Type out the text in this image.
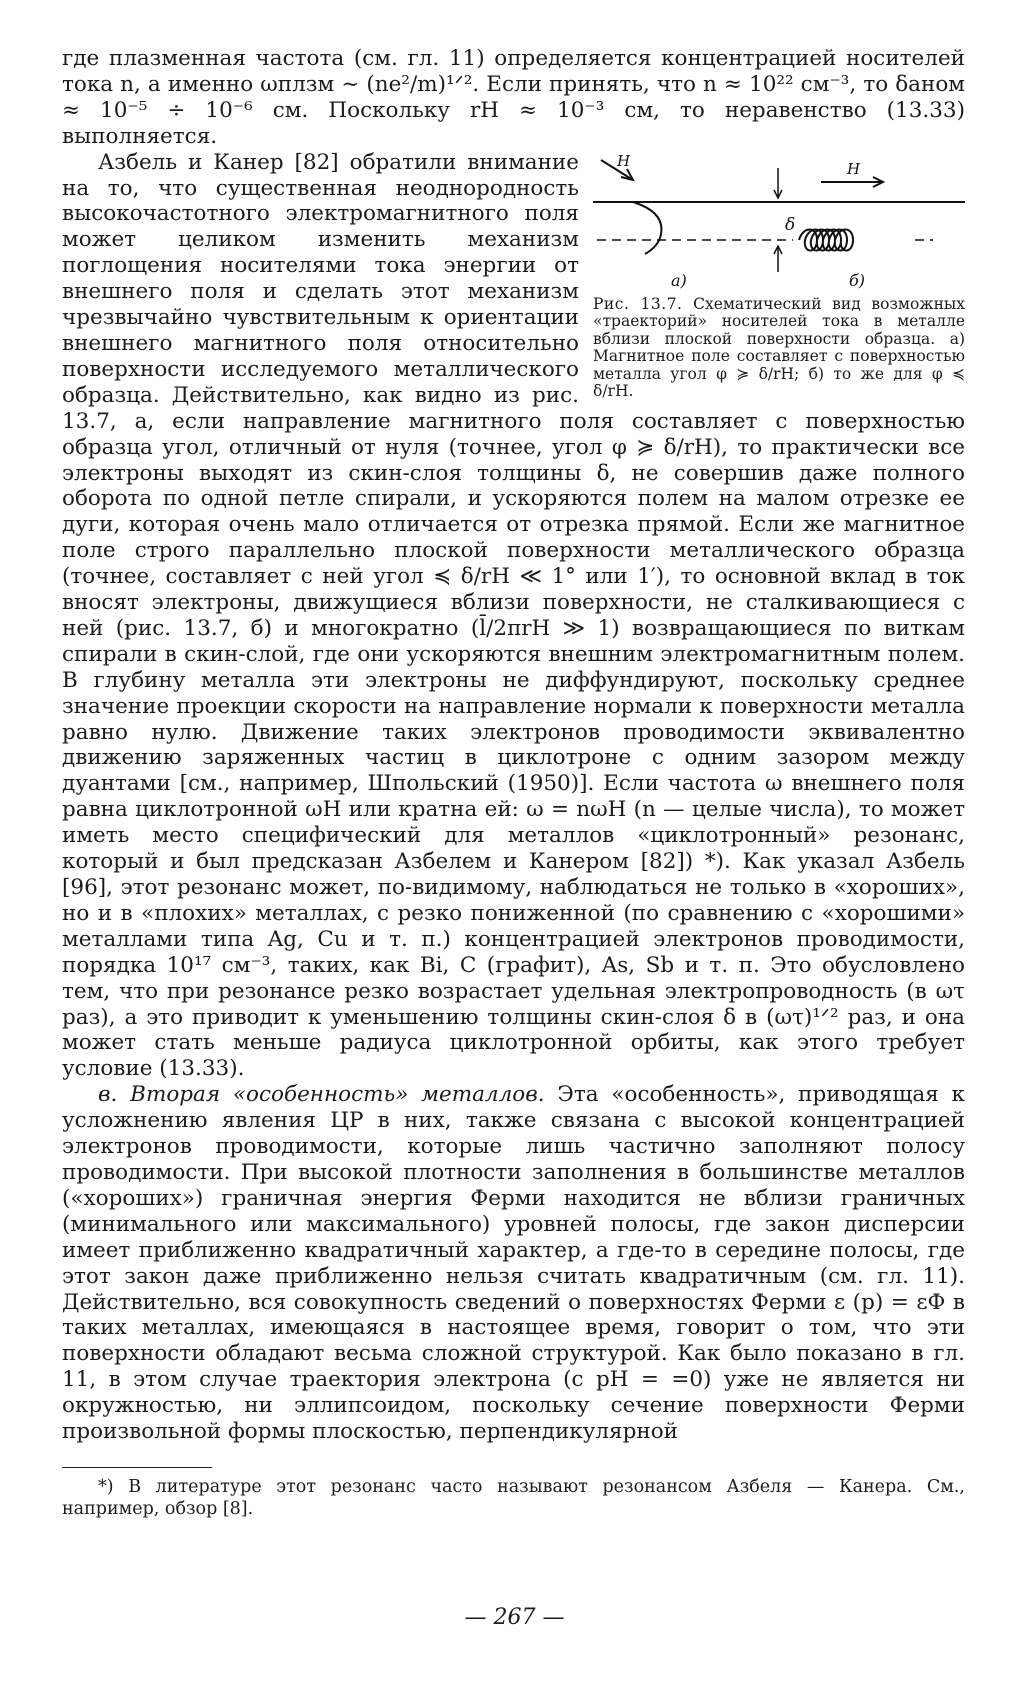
где плазменная частота (см. гл. 11) определяется концентрацией носителей тока n, а именно ωплзм ∼ (ne²/m)¹ᐟ². Если принять, что n ≈ 10²² см⁻³, то δаном ≈ 10⁻⁵ ÷ 10⁻⁶ см. Поскольку rH ≈ 10⁻³ см, то неравенство (13.33) выполняется.

H
δ
H
а)	б)
Рис. 13.7. Схематический вид возможных «траекторий» носителей тока в металле вблизи плоской поверхности образца. а) Магнитное поле составляет с поверхностью металла угол φ ≽ δ/rH; б) то же для φ ≼ δ/rH.

Азбель и Канер [82] обратили внимание на то, что существенная неоднородность высокочастотного электромагнитного поля может целиком изменить механизм поглощения носителями тока энергии от внешнего поля и сделать этот механизм чрезвычайно чувствительным к ориентации внешнего магнитного поля относительно поверхности исследуемого металлического образца. Действительно, как видно из рис. 13.7, а, если направление магнитного поля составляет с поверхностью образца угол, отличный от нуля (точнее, угол φ ≽ δ/rH), то практически все электроны выходят из скин-слоя толщины δ, не совершив даже полного оборота по одной петле спирали, и ускоряются полем на малом отрезке ее дуги, которая очень мало отличается от отрезка прямой. Если же магнитное поле строго параллельно плоской поверхности металлического образца (точнее, составляет с ней угол ≼ δ/rH ≪ 1° или 1′), то основной вклад в ток вносят электроны, движущиеся вблизи поверхности, не сталкивающиеся с ней (рис. 13.7, б) и многократно (l̄/2πrH ≫ 1) возвращающиеся по виткам спирали в скин-слой, где они ускоряются внешним электромагнитным полем. В глубину металла эти электроны не диффундируют, поскольку среднее значение проекции скорости на направление нормали к поверхности металла равно нулю. Движение таких электронов проводимости эквивалентно движению заряженных частиц в циклотроне с одним зазором между дуантами [см., например, Шпольский (1950)]. Если частота ω внешнего поля равна циклотронной ωH или кратна ей: ω = nωH (n — целые числа), то может иметь место специфический для металлов «циклотронный» резонанс, который и был предсказан Азбелем и Канером [82]) *). Как указал Азбель [96], этот резонанс может, по-видимому, наблюдаться не только в «хороших», но и в «плохих» металлах, с резко пониженной (по сравнению с «хорошими» металлами типа Ag, Cu и т. п.) концентрацией электронов проводимости, порядка 10¹⁷ см⁻³, таких, как Bi, C (графит), As, Sb и т. п. Это обусловлено тем, что при резонансе резко возрастает удельная электропроводность (в ωτ раз), а это приводит к уменьшению толщины скин-слоя δ в (ωτ)¹ᐟ² раз, и она может стать меньше радиуса циклотронной орбиты, как этого требует условие (13.33).

в. Вторая «особенность» металлов. Эта «особенность», приводящая к усложнению явления ЦР в них, также связана с высокой концентрацией электронов проводимости, которые лишь частично заполняют полосу проводимости. При высокой плотности заполнения в большинстве металлов («хороших») граничная энергия Ферми находится не вблизи граничных (минимального или максимального) уровней полосы, где закон дисперсии имеет приближенно квадратичный характер, а где-то в середине полосы, где этот закон даже приближенно нельзя считать квадратичным (см. гл. 11). Действительно, вся совокупность сведений о поверхностях Ферми ε (p) = εФ в таких металлах, имеющаяся в настоящее время, говорит о том, что эти поверхности обладают весьма сложной структурой. Как было показано в гл. 11, в этом случае траектория электрона (с pH = =0) уже не является ни окружностью, ни эллипсоидом, поскольку сечение поверхности Ферми произвольной формы плоскостью, перпендикулярной

*) В литературе этот резонанс часто называют резонансом Азбеля — Канера. См., например, обзор [8].

— 267 —
